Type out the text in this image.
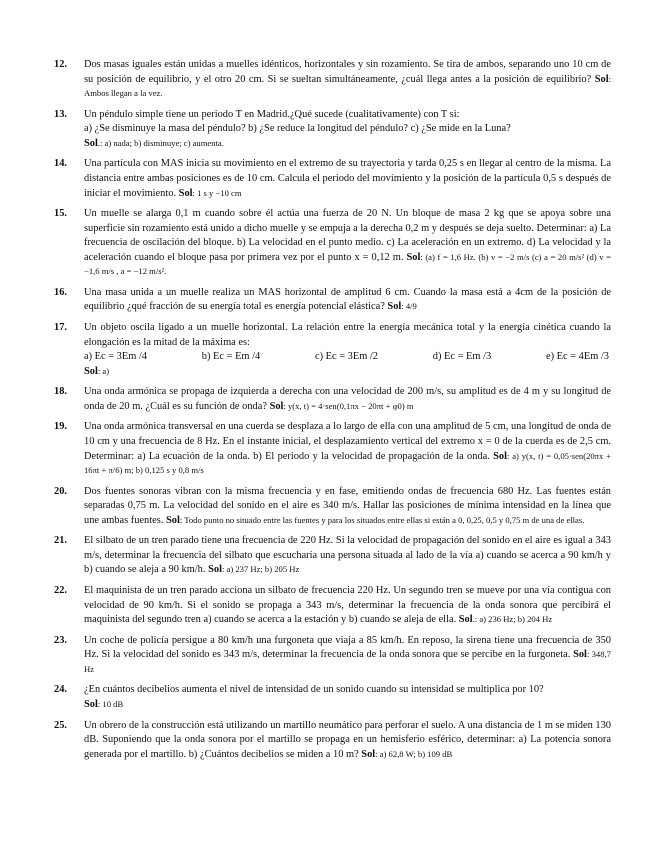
12. Dos masas iguales están unidas a muelles idénticos, horizontales y sin rozamiento. Se tira de ambos, separando uno 10 cm de su posición de equilibrio, y el otro 20 cm. Si se sueltan simultáneamente, ¿cuál llega antes a la posición de equilibrio? Sol: Ambos llegan a la vez.

13. Un péndulo simple tiene un periodo T en Madrid.¿Qué sucede (cualitativamente) con T si:

a) ¿Se disminuye la masa del péndulo? b) ¿Se reduce la longitud del péndulo? c) ¿Se mide en la Luna?

Sol.: a) nada; b) disminuye; c) aumenta.

14. Una partícula con MAS inicia su movimiento en el extremo de su trayectoria y tarda 0,25 s en llegar al centro de la misma. La distancia entre ambas posiciones es de 10 cm. Calcula el periodo del movimiento y la posición de la partícula 0,5 s después de iniciar el movimiento. Sol: 1 s y −10 cm

15. Un muelle se alarga 0,1 m cuando sobre él actúa una fuerza de 20 N. Un bloque de masa 2 kg que se apoya sobre una superficie sin rozamiento está unido a dicho muelle y se empuja a la derecha 0,2 m y después se deja suelto. Determinar: a) La frecuencia de oscilación del bloque. b) La velocidad en el punto medio. c) La aceleración en un extremo. d) La velocidad y la aceleración cuando el bloque pasa por primera vez por el punto x = 0,12 m. Sol: (a) f = 1,6 Hz. (b) v = −2 m/s (c) a = 20 m/s² (d) v = −1,6 m/s , a = −12 m/s².

16. Una masa unida a un muelle realiza un MAS horizontal de amplitud 6 cm. Cuando la masa está a 4cm de la posición de equilibrio ¿qué fracción de su energía total es energía potencial elástica? Sol: 4/9

17. Un objeto oscila ligado a un muelle horizontal. La relación entre la energía mecánica total y la energía cinética cuando la elongación es la mitad de la máxima es:

a) Ec = 3Em /4	b) Ec = Em /4	c) Ec = 3Em /2	d) Ec = Em /3	e) Ec = 4Em /3

Sol: a)

18. Una onda armónica se propaga de izquierda a derecha con una velocidad de 200 m/s, su amplitud es de 4 m y su longitud de onda de 20 m. ¿Cuál es su función de onda? Sol: y(x, t) = 4·sen(0,1πx − 20πt + φ0) m

19. Una onda armónica transversal en una cuerda se desplaza a lo largo de ella con una amplitud de 5 cm, una longitud de onda de 10 cm y una frecuencia de 8 Hz. En el instante inicial, el desplazamiento vertical del extremo x = 0 de la cuerda es de 2,5 cm. Determinar: a) La ecuación de la onda. b) El periodo y la velocidad de propagación de la onda. Sol: a) y(x, t) = 0,05·sen(20πx + 16πt + π/6) m; b) 0,125 s y 0,8 m/s

20. Dos fuentes sonoras vibran con la misma frecuencia y en fase, emitiendo ondas de frecuencia 680 Hz. Las fuentes están separadas 0,75 m. La velocidad del sonido en el aire es 340 m/s. Hallar las posiciones de mínima intensidad en la línea que une ambas fuentes. Sol: Todo punto no situado entre las fuentes y para los situados entre ellas si están a 0, 0,25, 0,5 y 0,75 m de una de ellas.

21. El silbato de un tren parado tiene una frecuencia de 220 Hz. Si la velocidad de propagación del sonido en el aire es igual a 343 m/s, determinar la frecuencia del silbato que escucharía una persona situada al lado de la vía a) cuando se acerca a 90 km/h y b) cuando se aleja a 90 km/h. Sol: a) 237 Hz; b) 205 Hz

22. El maquinista de un tren parado acciona un silbato de frecuencia 220 Hz. Un segundo tren se mueve por una vía contigua con velocidad de 90 km/h. Si el sonido se propaga a 343 m/s, determinar la frecuencia de la onda sonora que percibirá el maquinista del segundo tren a) cuando se acerca a la estación y b) cuando se aleja de ella. Sol.: a) 236 Hz; b) 204 Hz

23. Un coche de policía persigue a 80 km/h una furgoneta que viaja a 85 km/h. En reposo, la sirena tiene una frecuencia de 350 Hz. Si la velocidad del sonido es 343 m/s, determinar la frecuencia de la onda sonora que se percibe en la furgoneta. Sol: 348,7 Hz

24. ¿En cuántos decibelios aumenta el nivel de intensidad de un sonido cuando su intensidad se multiplica por 10?

Sol: 10 dB

25. Un obrero de la construcción está utilizando un martillo neumático para perforar el suelo. A una distancia de 1 m se miden 130 dB. Suponiendo que la onda sonora por el martillo se propaga en un hemisferio esférico, determinar: a) La potencia sonora generada por el martillo. b) ¿Cuántos decibelios se miden a 10 m? Sol: a) 62,8 W; b) 109 dB
